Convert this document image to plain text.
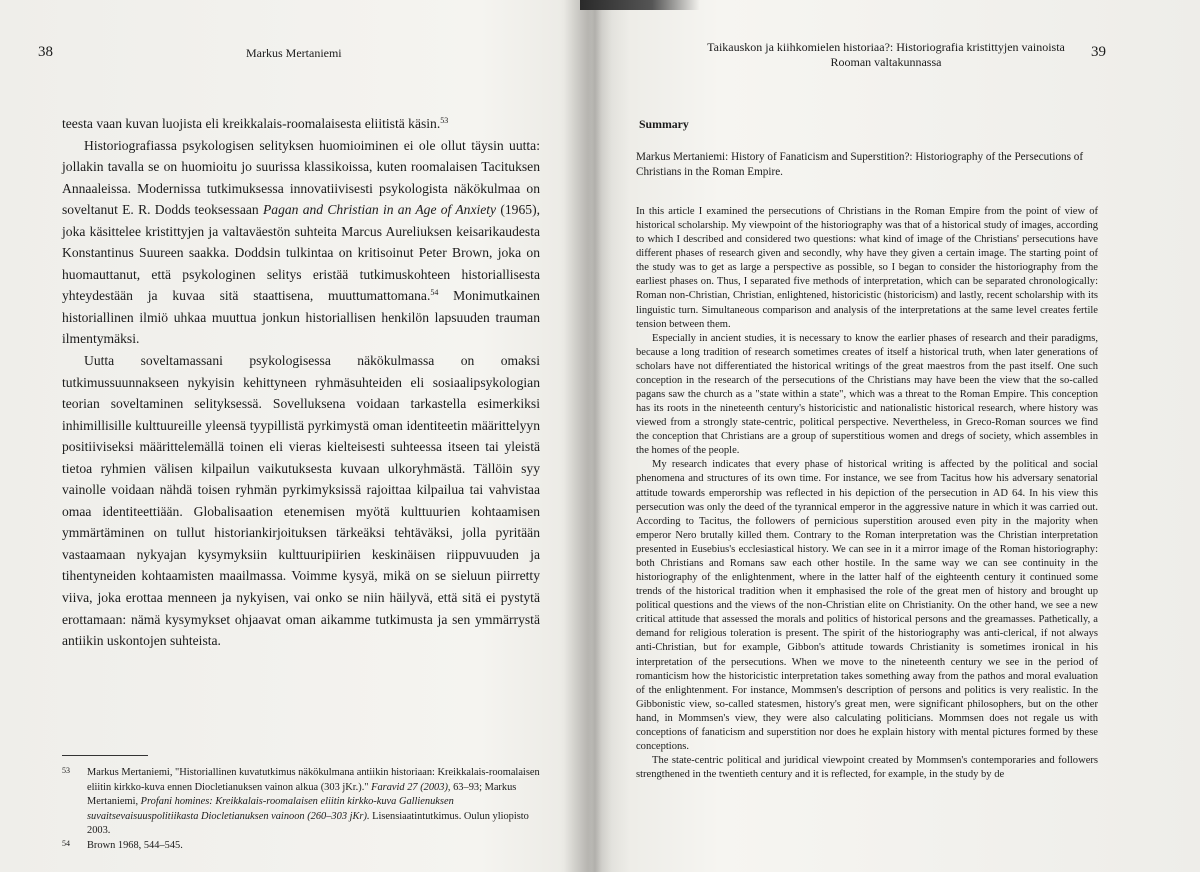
38	Markus Mertaniemi

teesta vaan kuvan luojista eli kreikkalais-roomalaisesta eliitistä käsin.$^{53}$

Historiografiassa psykologisen selityksen huomioiminen ei ole ollut täysin uutta: jollakin tavalla se on huomioitu jo suurissa klassikoissa, kuten roomalaisen Tacituksen Annaaleissa. Modernissa tutkimuksessa innovatiivisesti psykologista näkökulmaa on soveltanut E. R. Dodds teoksessaan Pagan and Christian in an Age of Anxiety (1965), joka käsittelee kristittyjen ja valtaväestön suhteita Marcus Aureliuksen keisarikaudesta Konstantinus Suureen saakka. Doddsin tulkintaa on kritisoinut Peter Brown, joka on huomauttanut, että psykologinen selitys eristää tutkimuskohteen historiallisesta yhteydestään ja kuvaa sitä staattisena, muuttumattomana.$^{54}$ Monimutkainen historiallinen ilmiö uhkaa muuttua jonkun historiallisen henkilön lapsuuden trauman ilmentymäksi.

Uutta soveltamassani psykologisessa näkökulmassa on omaksi tutkimussuunnakseen nykyisin kehittyneen ryhmäsuhteiden eli sosiaalipsykologian teorian soveltaminen selityksessä. Sovelluksena voidaan tarkastella esimerkiksi inhimillisille kulttuureille yleensä tyypillistä pyrkimystä oman identiteetin määrittelyyn positiiviseksi määrittelemällä toinen eli vieras kielteisesti suhteessa itseen tai yleistä tietoa ryhmien välisen kilpailun vaikutuksesta kuvaan ulkoryhmästä. Tällöin syy vainolle voidaan nähdä toisen ryhmän pyrkimyksissä rajoittaa kilpailua tai vahvistaa omaa identiteettiään. Globalisaation etenemisen myötä kulttuurien kohtaamisen ymmärtäminen on tullut historiankirjoituksen tärkeäksi tehtäväksi, jolla pyritään vastaamaan nykyajan kysymyksiin kulttuuripiirien keskinäisen riippuvuuden ja tihentyneiden kohtaamisten maailmassa. Voimme kysyä, mikä on se sieluun piirretty viiva, joka erottaa menneen ja nykyisen, vai onko se niin häilyvä, että sitä ei pystytä erottamaan: nämä kysymykset ohjaavat oman aikamme tutkimusta ja sen ymmärrystä antiikin uskontojen suhteista.

53 Markus Mertaniemi, "Historiallinen kuvatutkimus näkökulmana antiikin historiaan: Kreikkalais-roomalaisen eliitin kirkko-kuva ennen Diocletianuksen vainon alkua (303 jKr.)." Faravid 27 (2003), 63–93; Markus Mertaniemi, Profani homines: Kreikkalais-roomalaisen eliitin kirkko-kuva Gallienuksen suvaitsevaisuuspolitiikasta Diocletianuksen vainoon (260–303 jKr). Lisensiaatintutkimus. Oulun yliopisto 2003.

54 Brown 1968, 544–545.

Taikauskon ja kiihkomielen historiaa?: Historiografia kristittyjen vainoista
Rooman valtakunnassa
39
Summary
Markus Mertaniemi: History of Fanaticism and Superstition?: Historiography of the Persecutions of Christians in the Roman Empire.

In this article I examined the persecutions of Christians in the Roman Empire from the point of view of historical scholarship. My viewpoint of the historiography was that of a historical study of images, according to which I described and considered two questions: what kind of image of the Christians' persecutions have different phases of research given and secondly, why have they given a certain image. The starting point of the study was to get as large a perspective as possible, so I began to consider the historiography from the earliest phases on. Thus, I separated five methods of interpretation, which can be separated chronologically: Roman non-Christian, Christian, enlightened, historicistic (historicism) and lastly, recent scholarship with its linguistic turn. Simultaneous comparison and analysis of the interpretations at the same level creates fertile tension between them.

Especially in ancient studies, it is necessary to know the earlier phases of research and their paradigms, because a long tradition of research sometimes creates of itself a historical truth, when later generations of scholars have not differentiated the historical writings of the great maestros from the past itself. One such conception in the research of the persecutions of the Christians may have been the view that the so-called pagans saw the church as a "state within a state", which was a threat to the Roman Empire. This conception has its roots in the nineteenth century's historicistic and nationalistic historical research, where history was viewed from a strongly state-centric, political perspective. Nevertheless, in Greco-Roman sources we find the conception that Christians are a group of superstitious women and dregs of society, which assembles in the homes of the people.

My research indicates that every phase of historical writing is affected by the political and social phenomena and structures of its own time. For instance, we see from Tacitus how his adversary senatorial attitude towards emperorship was reflected in his depiction of the persecution in AD 64. In his view this persecution was only the deed of the tyrannical emperor in the aggressive nature in which it was carried out. According to Tacitus, the followers of pernicious superstition aroused even pity in the majority when emperor Nero brutally killed them. Contrary to the Roman interpretation was the Christian interpretation presented in Eusebius's ecclesiastical history. We can see in it a mirror image of the Roman historiography: both Christians and Romans saw each other hostile. In the same way we can see continuity in the historiography of the enlightenment, where in the latter half of the eighteenth century it continued some trends of the historical tradition when it emphasised the role of the great men of history and brought up political questions and the views of the non-Christian elite on Christianity. On the other hand, we see a new critical attitude that assessed the morals and politics of historical persons and the greamasses. Pathetically, a demand for religious toleration is present. The spirit of the historiography was anti-clerical, if not always anti-Christian, but for example, Gibbon's attitude towards Christianity is sometimes ironical in his interpretation of the persecutions. When we move to the nineteenth century we see in the period of romanticism how the historicistic interpretation takes something away from the pathos and moral evaluation of the enlightenment. For instance, Mommsen's description of persons and politics is very realistic. In the Gibbonistic view, so-called statesmen, history's great men, were significant philosophers, but on the other hand, in Mommsen's view, they were also calculating politicians. Mommsen does not regale us with conceptions of fanaticism and superstition nor does he explain history with mental pictures formed by these conceptions.

The state-centric political and juridical viewpoint created by Mommsen's contemporaries and followers strengthened in the twentieth century and it is reflected, for example, in the study by de
